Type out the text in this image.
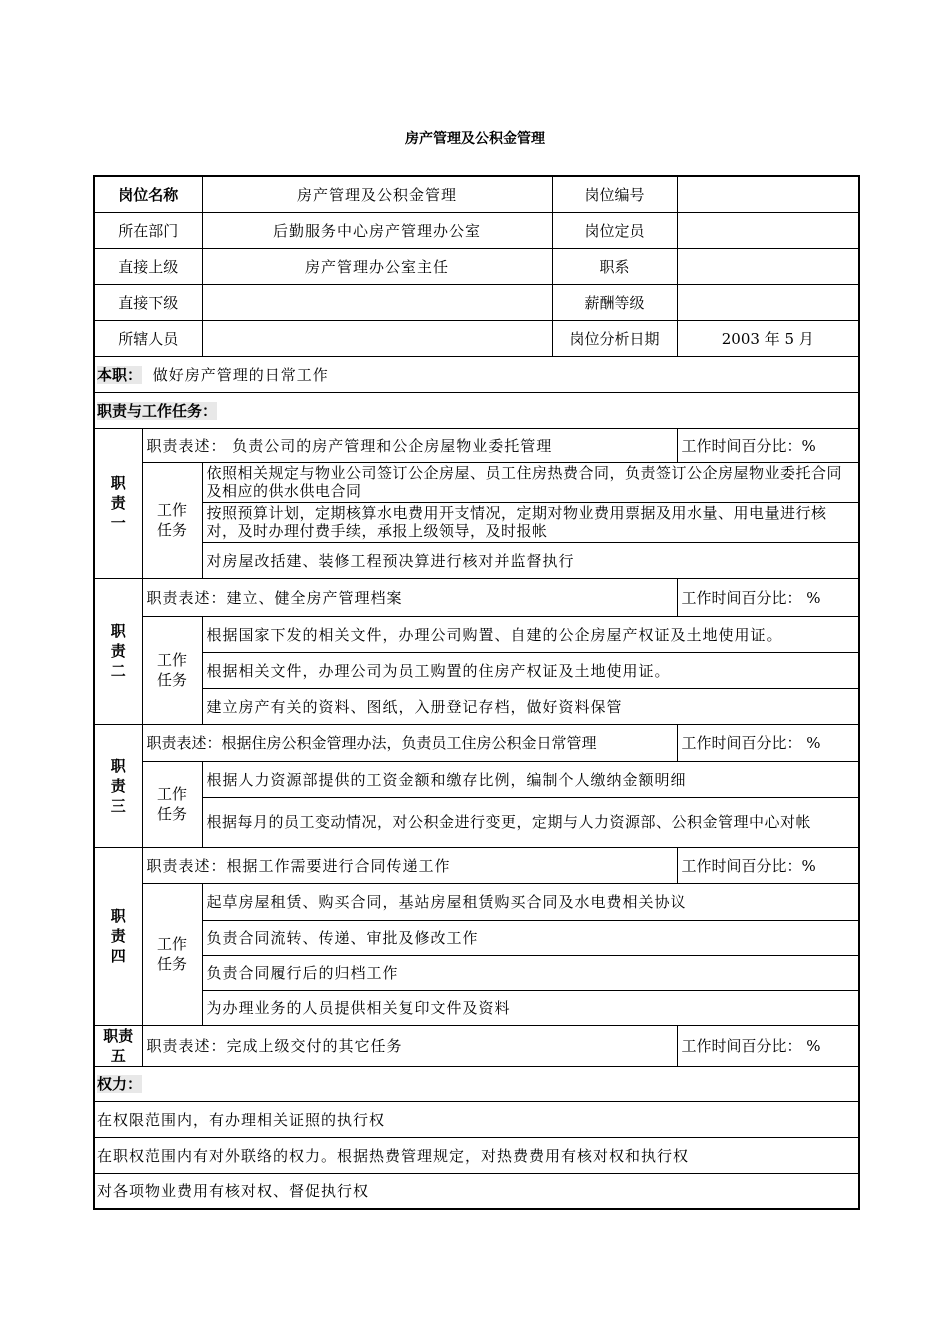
房产管理及公积金管理
岗位名称		房产管理及公积金管理	岗位编号	
所在部门		后勤服务中心房产管理办公室	岗位定员	
直接上级		房产管理办公室主任	职系	
直接下级			薪酬等级	
所辖人员			岗位分析日期	2003 年 5 月
本职： 做好房产管理的日常工作				
职责与工作任务：				

职
责
一	职责表述： 负责公司的房产管理和公企房屋物业委托管理			工作时间百分比：%

	工作
任务	依照相关规定与物业公司签订公企房屋、员工住房热费合同，负责签订公企房屋物业委托合同及相应的供水供电合同		
		按照预算计划，定期核算水电费用开支情况，定期对物业费用票据及用水量、用电量进行核对，及时办理付费手续，承报上级领导，及时报帐		
		对房屋改括建、装修工程预决算进行核对并监督执行		

职
责
二	职责表述：建立、健全房产管理档案			工作时间百分比： %

	工作
任务	根据国家下发的相关文件，办理公司购置、自建的公企房屋产权证及土地使用证。		
		根据相关文件，办理公司为员工购置的住房产权证及土地使用证。		
		建立房产有关的资料、图纸，入册登记存档，做好资料保管		

职
责
三	职责表述：根据住房公积金管理办法，负责员工住房公积金日常管理			工作时间百分比： %

	工作
任务	根据人力资源部提供的工资金额和缴存比例，编制个人缴纳金额明细		
		根据每月的员工变动情况，对公积金进行变更，定期与人力资源部、公积金管理中心对帐		

职
责
四	职责表述：根据工作需要进行合同传递工作			工作时间百分比：%

	工作
任务	起草房屋租赁、购买合同，基站房屋租赁购买合同及水电费相关协议		
		负责合同流转、传递、审批及修改工作		
		负责合同履行后的归档工作		
		为办理业务的人员提供相关复印文件及资料		

职责
五	职责表述：完成上级交付的其它任务			工作时间百分比： %
权力：				
在权限范围内，有办理相关证照的执行权				
在职权范围内有对外联络的权力。根据热费管理规定，对热费费用有核对权和执行权				
对各项物业费用有核对权、督促执行权				
